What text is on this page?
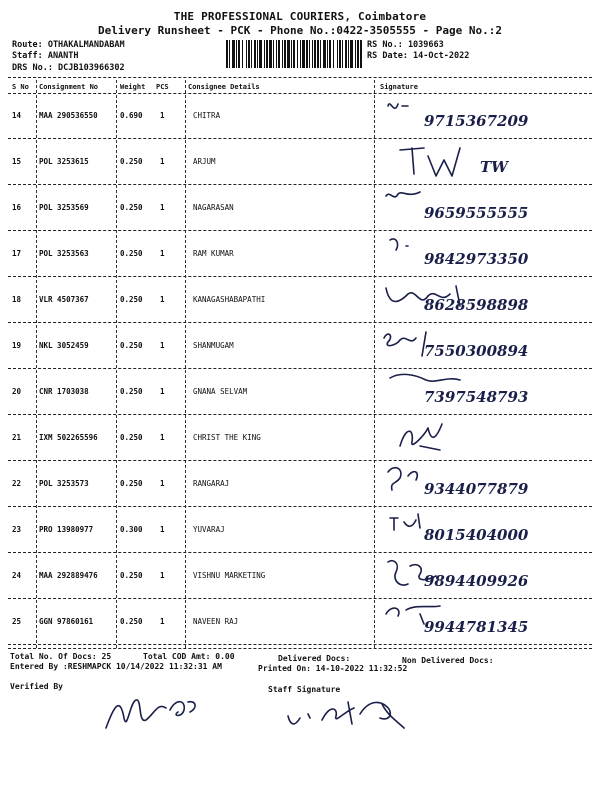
THE PROFESSIONAL COURIERS, Coimbatore
Delivery Runsheet - PCK - Phone No.:0422-3505555 - Page No.:2
Route: OTHAKALMANDABAM
Staff: ANANTH
DRS No.: DCJB103966302
RS No.: 1039663
RS Date: 14-Oct-2022
S No Consignment No	Weight PCS	Consignee Details	Signature
14 MAA 290536550	0.690 1	CHITRA	9715367209
15 POL 3253615	0.250 1	ARJUM	TW
16 POL 3253569	0.250 1	NAGARASAN	9659555555
17 POL 3253563	0.250 1	RAM KUMAR	9842973350
18 VLR 4507367	0.250 1	KANAGASHABAPATHI	8628598898
19 NKL 3052459	0.250 1	SHANMUGAM	7550300894
20 CNR 1703038	0.250 1	GNANA SELVAM	7397548793
21 IXM 502265596	0.250 1	CHRIST THE KING
22 POL 3253573	0.250 1	RANGARAJ	9344077879
23 PRO 13980977	0.300 1	YUVARAJ	8015404000
24 MAA 292889476	0.250 1	VISHNU MARKETING	9894409926
25 GGN 97860161	0.250 1	NAVEEN RAJ	9944781345
Total No. Of Docs: 25	Total COD Amt: 0.00	Delivered Docs:	Non Delivered Docs:
Entered By :RESHMAPCK 10/14/2022 11:32:31 AM	Printed On: 14-10-2022 11:32:52
Verified By	Staff Signature
